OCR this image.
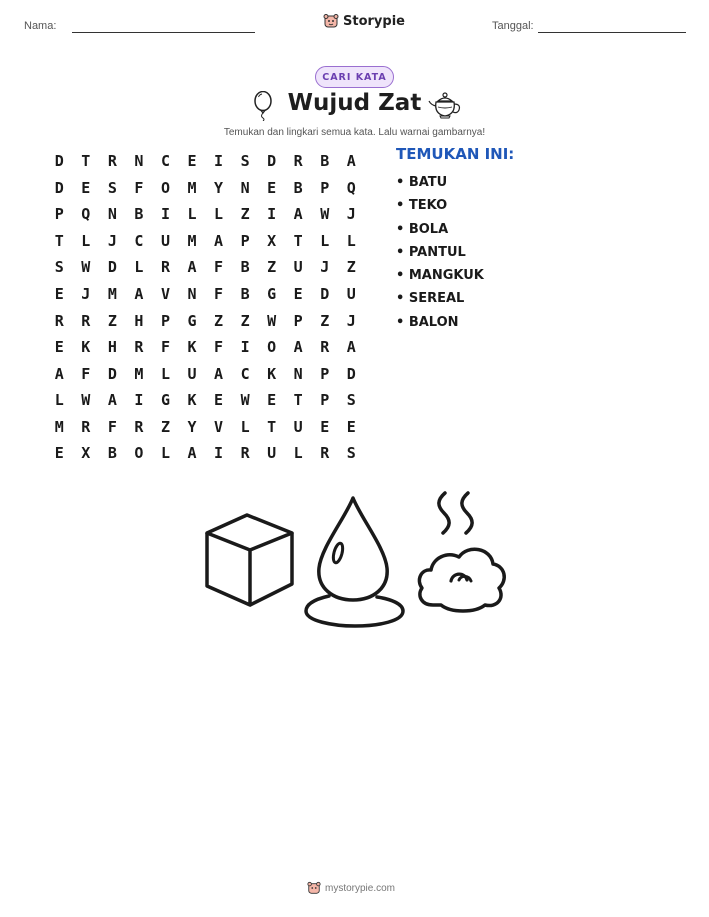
Nama:	Storypie	Tanggal:
CARI KATA
Wujud Zat
Temukan dan lingkari semua kata. Lalu warnai gambarnya!
D	T	R	N	C	E	I	S	D	R	B	A
D	E	S	F	O	M	Y	N	E	B	P	Q
P	Q	N	B	I	L	L	Z	I	A	W	J
T	L	J	C	U	M	A	P	X	T	L	L
S	W	D	L	R	A	F	B	Z	U	J	Z
E	J	M	A	V	N	F	B	G	E	D	U
R	R	Z	H	P	G	Z	Z	W	P	Z	J
E	K	H	R	F	K	F	I	O	A	R	A
A	F	D	M	L	U	A	C	K	N	P	D
L	W	A	I	G	K	E	W	E	T	P	S
M	R	F	R	Z	Y	V	L	T	U	E	E
E	X	B	O	L	A	I	R	U	L	R	S
TEMUKAN INI:
• BATU
• TEKO
• BOLA
• PANTUL
• MANGKUK
• SEREAL
• BALON
mystorypie.com
